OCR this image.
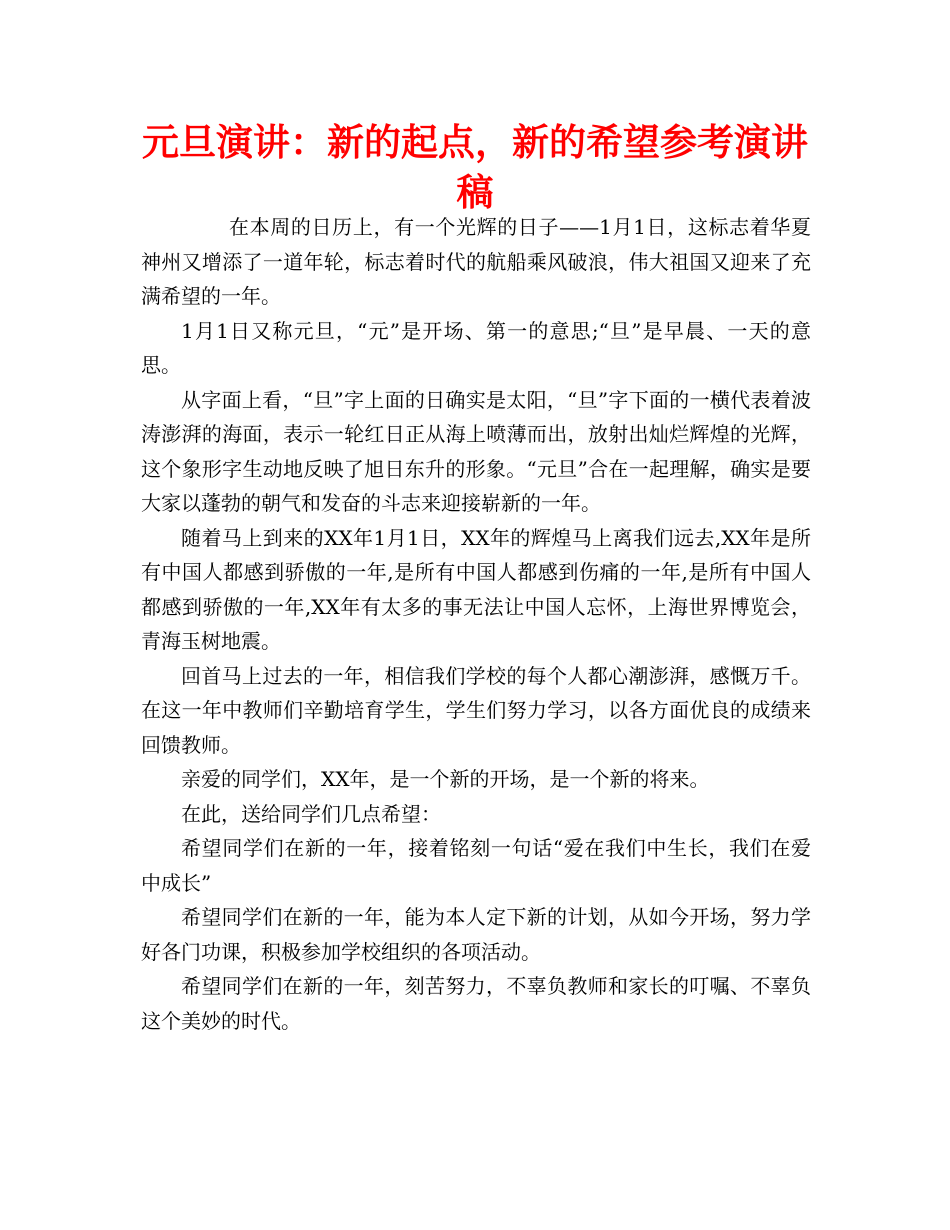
元旦演讲：新的起点，新的希望参考演讲稿

在本周的日历上，有一个光辉的日子——1月1日，这标志着华夏神州又增添了一道年轮，标志着时代的航船乘风破浪，伟大祖国又迎来了充满希望的一年。

1月1日又称元旦，“元”是开场、第一的意思;“旦”是早晨、一天的意思。

从字面上看，“旦”字上面的日确实是太阳，“旦”字下面的一横代表着波涛澎湃的海面，表示一轮红日正从海上喷薄而出，放射出灿烂辉煌的光辉，这个象形字生动地反映了旭日东升的形象。“元旦”合在一起理解，确实是要大家以蓬勃的朝气和发奋的斗志来迎接崭新的一年。

随着马上到来的XX年1月1日，XX年的辉煌马上离我们远去,XX年是所有中国人都感到骄傲的一年,是所有中国人都感到伤痛的一年,是所有中国人都感到骄傲的一年,XX年有太多的事无法让中国人忘怀，上海世界博览会，青海玉树地震。

回首马上过去的一年，相信我们学校的每个人都心潮澎湃，感慨万千。在这一年中教师们辛勤培育学生，学生们努力学习，以各方面优良的成绩来回馈教师。

亲爱的同学们，XX年，是一个新的开场，是一个新的将来。

在此，送给同学们几点希望：

希望同学们在新的一年，接着铭刻一句话“爱在我们中生长，我们在爱中成长”

希望同学们在新的一年，能为本人定下新的计划，从如今开场，努力学好各门功课，积极参加学校组织的各项活动。

希望同学们在新的一年，刻苦努力，不辜负教师和家长的叮嘱、不辜负这个美妙的时代。
